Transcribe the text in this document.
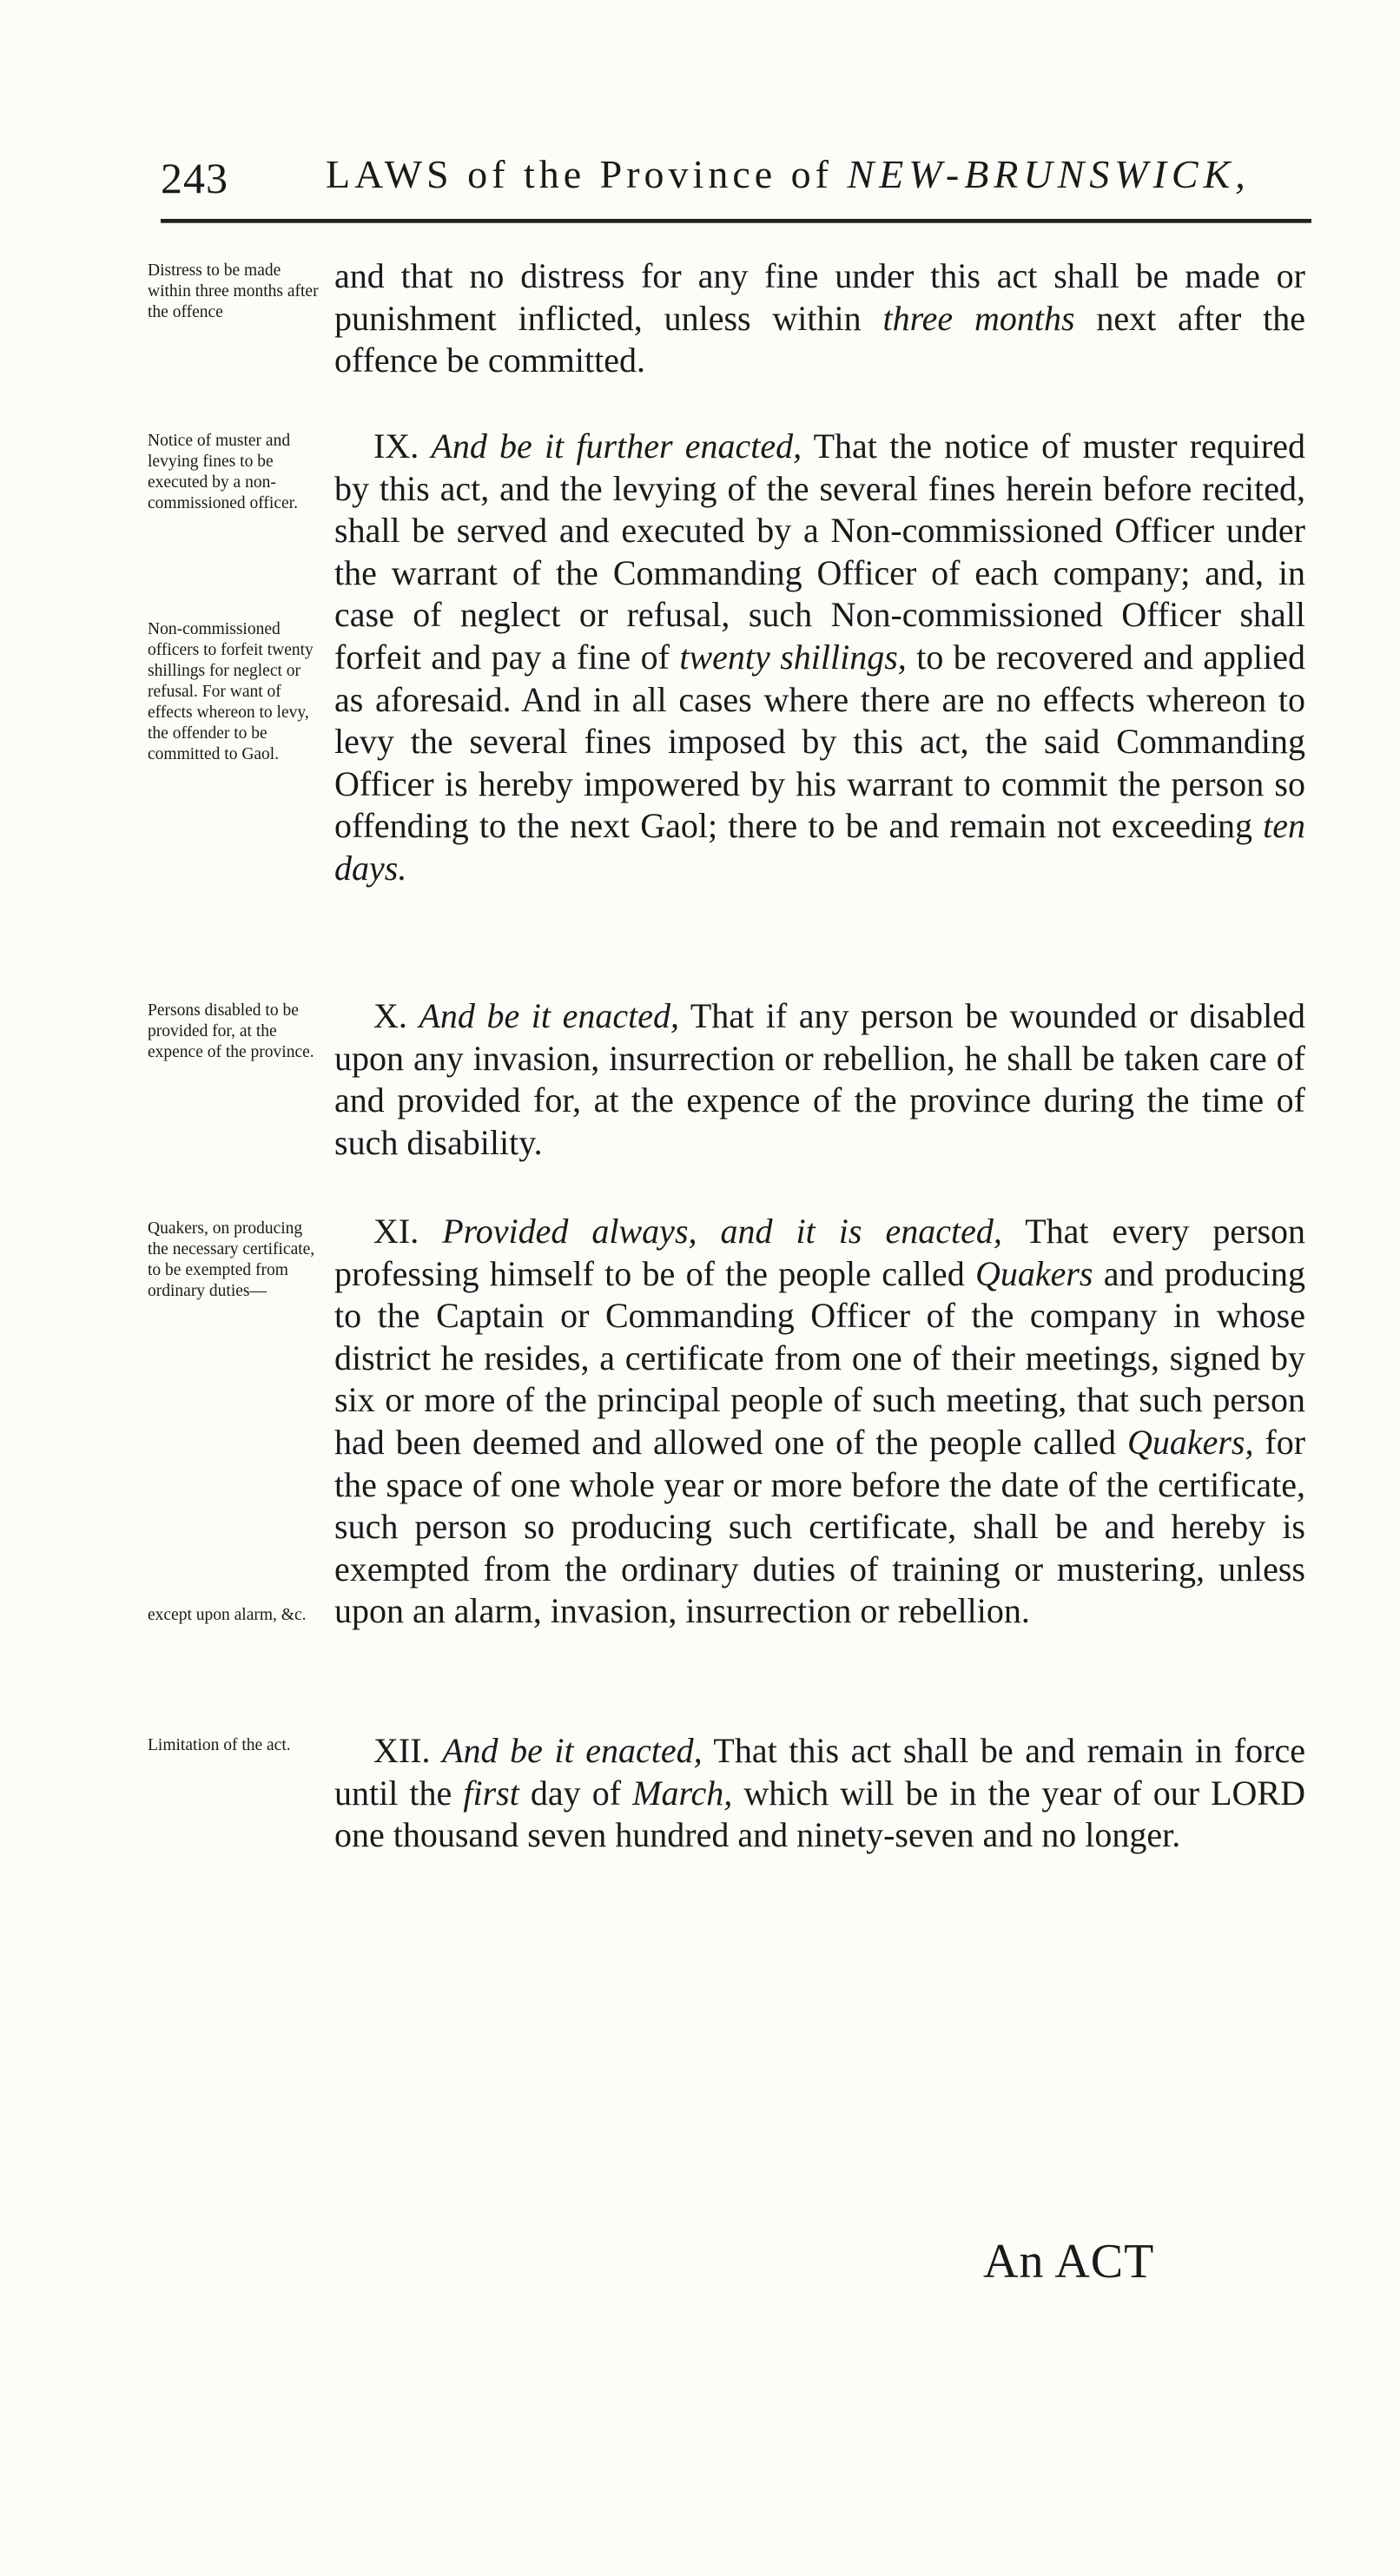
243 LAWS of the Province of NEW-BRUNSWICK,
Distress to be made within three months after the offence
Notice of muster and levying fines to be executed by a non-commissioned officer.
Non-commissioned officers to forfeit twenty shillings for neglect or refusal. For want of effects whereon to levy, the offender to be committed to Gaol.
Persons disabled to be provided for, at the expence of the province.
Quakers, on producing the necessary certificate, to be exempted from ordinary duties—
except upon alarm, &c.
Limitation of the act.
and that no distress for any fine under this act shall be made or punishment inflicted, unless within three months next after the offence be committed.
IX. And be it further enacted, That the notice of muster required by this act, and the levying of the several fines herein before recited, shall be served and executed by a Non-commissioned Officer under the warrant of the Commanding Officer of each company; and, in case of neglect or refusal, such Non-commissioned Officer shall forfeit and pay a fine of twenty shillings, to be recovered and applied as aforesaid. And in all cases where there are no effects whereon to levy the several fines imposed by this act, the said Commanding Officer is hereby impowered by his warrant to commit the person so offending to the next Gaol; there to be and remain not exceeding ten days.
X. And be it enacted, That if any person be wounded or disabled upon any invasion, insurrection or rebellion, he shall be taken care of and provided for, at the expence of the province during the time of such disability.
XI. Provided always, and it is enacted, That every person professing himself to be of the people called Quakers and producing to the Captain or Commanding Officer of the company in whose district he resides, a certificate from one of their meetings, signed by six or more of the principal people of such meeting, that such person had been deemed and allowed one of the people called Quakers, for the space of one whole year or more before the date of the certificate, such person so producing such certificate, shall be and hereby is exempted from the ordinary duties of training or mustering, unless upon an alarm, invasion, insurrection or rebellion.
XII. And be it enacted, That this act shall be and remain in force until the first day of March, which will be in the year of our LORD one thousand seven hundred and ninety-seven and no longer.
An ACT
